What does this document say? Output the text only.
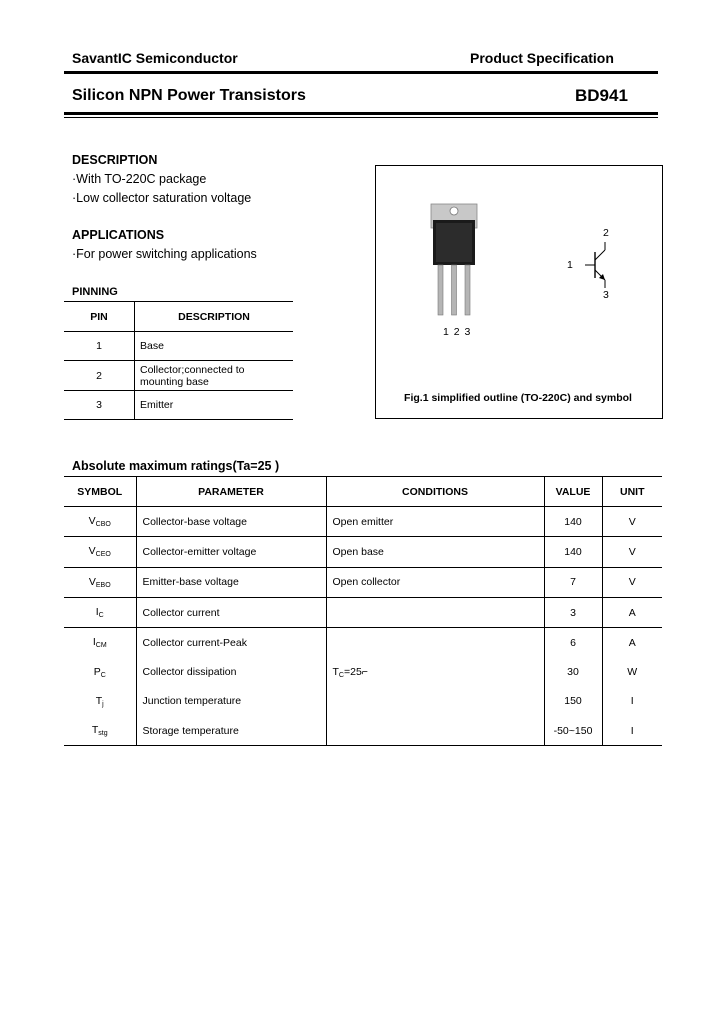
SavantIC Semiconductor	Product Specification
Silicon NPN Power Transistors	BD941
DESCRIPTION
·With TO-220C package
·Low collector saturation voltage
APPLICATIONS
·For power switching applications
PINNING
PIN	DESCRIPTION
1	Base
2	Collector;connected to mounting base

3	Emitter
1 2 3
2
1
3
Fig.1 simplified outline (TO-220C) and symbol
Absolute maximum ratings(Ta=25 )
SYMBOL	PARAMETER	CONDITIONS	VALUE	UNIT
$V_{CBO}$	Collector-base voltage	Open emitter	140	V
$V_{CEO}$	Collector-emitter voltage	Open base	140	V
$V_{EBO}$	Emitter-base voltage	Open collector	7	V
$I_C$	Collector current		3	A
$I_{CM}$	Collector current-Peak		6	A
$P_C$	Collector dissipation	$T_C=25⌐$	30	W
$T_j$	Junction temperature		150	I
$T_{stg}$	Storage temperature		-50~150	I
